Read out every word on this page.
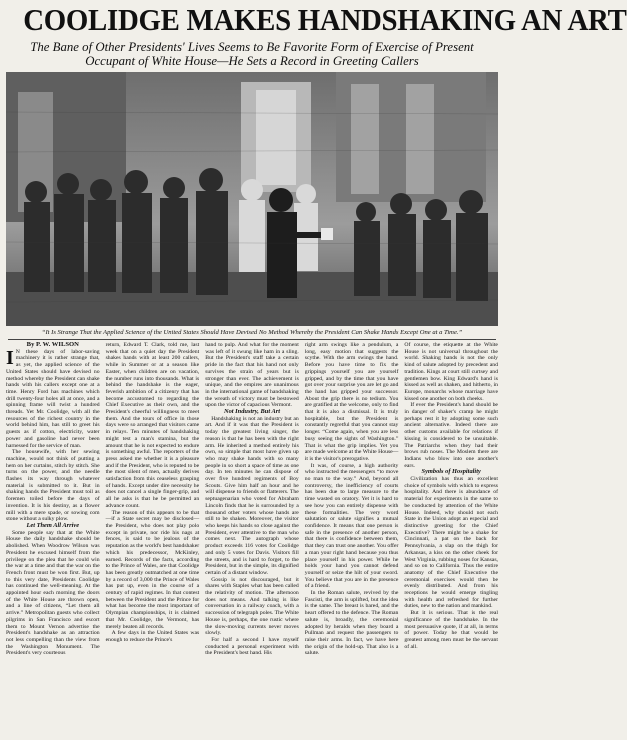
COOLIDGE MAKES HANDSHAKING AN ART
The Bane of Other Presidents' Lives Seems to Be Favorite Form of Exercise of Present Occupant of White House—He Sets a Record in Greeting Callers
“It Is Strange That the Applied Science of the United States Should Have Devised No Method Whereby the President Can Shake Hands Except One at a Time.”

By P. W. WILSON

I N these days of labor-saving machinery it is rather strange that, as yet, the applied science of the United States should have devised no method whereby the President can shake hands with his callers except one at a time. Henry Ford has machines which drill twenty-four holes all at once, and a spinning frame will twist a hundred threads. Yet Mr. Coolidge, with all the resources of the richest country in the world behind him, has still to greet his guests as if cotton, electricity, water power and gasoline had never been harnessed for the service of man.

The housewife, with her sewing machine, would not think of putting a hem on her curtains, stitch by stitch. She turns on the power, and the needle flashes its way through whatever material is submitted to it. But in shaking hands the President must toil as foremen toiled before the days of invention. It is his destiny, as a flower mill with a mere spade, or sowing com stone without a sulky plow.

Let Them All Arrive

Some people say that at the White House the daily handshake should be abolished. When Woodrow Wilson was President he excused himself from the privilege on the plea that he could win the war at a time and that the war on the French front must be won first. But, up to this very date, Presidents Coolidge has continued the well-meaning. At the appointed hour each morning the doors of the White House are thrown open, and a line of citizens, “Let them all arrive.” Metropolitan guests who collect pilgrims in San Francisco and escort them to Mount Vernon advertise the President's handshake as an attraction not less compelling than the view from the Washington Monument. The President's very courteous

return, Edward T. Clark, told me, last week that on a quiet day the President shakes hands with at least 200 callers, while in Summer or at a season like Easter, when children are on vacation, the number runs into thousands. What is behind the handshake is the eager, feverish ambition of a citizenry that has become accustomed to regarding the Chief Executive as their own, and the President's cheerful willingness to meet them. And the tours of office in those days were so arranged that visitors came in relays. Ten minutes of handshaking might test a man's stamina, but the amount that he is not expected to endure is something awful. The reporters of the press asked me whether it is a pleasure and if the President, who is reputed to be the most silent of men, actually derives satisfaction from this ceaseless grasping of hands. Except under dire necessity he does not cancel a single finger-grip, and all he asks is that he be permitted an advance count.

The reason of this appears to be that—if a State secret may be disclosed—the President, who does not play polo except in private, nor ride his nags at fences, is said to be jealous of the reputation as the world's best handshaker which his predecessor, McKinley, earned. Records of the facts, according to the Prince of Wales, are that Coolidge has been greatly outmatched at one time by a record of 3,000 the Prince of Wales has put up, even in the course of a century of rapid regimes. In that contest between the President and the Prince for what has become the most important of Olympian championships, it is claimed that Mr. Coolidge, the Vermont, has merely beaten all records.

A few days in the United States was enough to reduce the Prince's

hand to pulp. And what for the moment was left of it swung like ham in a sling. But the President's staff take a certain pride in the fact that his hand not only survives the strain of years but is stronger than ever. The achievement is unique, and the empires are unanimous in the international game of handshaking the wreath of victory must be bestowed upon the victor of capacious Vermont.

Not Industry, But Art

Handshaking is not an industry but an art. And if it was that the President is today the greatest living singer, the reason is that he has been with the right arm. He inherited a method entirely his own, so simple that most have given up who may shake hands with so many people in so short a space of time as one day. In ten minutes he can dispose of over five hundred regiments of Boy Scouts. Give him half an hour and he will dispense to friends or flatterers. The septuagenarian who voted for Abraham Lincoln finds that he is surrounded by a thousand other voters whose hands are still to be shaken. Moreover, the visitor who keeps his hands so close against the President, ever attentive to the man who comes next. The autograph whose product exceeds 116 votes for Coolidge and only 5 votes for Davis. Visitors fill the streets, and is hard to forget, to the President, but in the simple, its dignified certain of a distant window.

Gossip is not discouraged, but it shares with Staples what has been called the relativity of motion. The afternoon does not means. And talking is like conversation in a railway coach, with a succession of telegraph poles. The White House is, perhaps, the one rustic where the slow-moving currents never moves slowly.

For half a second I have myself conducted a personal experiment with the President's best hand. His

right arm swings like a pendulum, a long, easy motion that suggests the scythe. With the arm swings the hand. Before you have time to fix the grippings yourself you are yourself gripped, and by the time that you have got over your surprise you are let go and the hand has gripped your successor. About the grip there is no tedium. You are gratified at the welcome, only to find that it is also a dismissal. It is truly hospitable, but the President is constantly regretful that you cannot stay longer. “Come again, when you are less busy seeing the sights of Washington.” That is what the grip implies. Yet you are made welcome at the White House—it is the visitor's prerogative.

It was, of course, a high authority who instructed the messengers “to move no man to the way.” And, beyond all controversy, the inefficiency of courts has been due to large measure to the time wasted on oratory. Yet it is hard to see how you can entirely dispense with these formalities. The very word salutation or salute signifies a mutual confidence. It means that one person is safe in the presence of another person, that there is confidence between them, that they can trust one another. You offer a man your right hand because you thus place yourself in his power. While he holds your hand you cannot defend yourself or seize the hilt of your sword. You believe that you are in the presence of a friend.

In the Roman salute, revived by the Fascisti, the arm is uplifted, but the idea is the same. The breast is bared, and the heart offered to the defence. The Roman salute is, broadly, the ceremonial adopted by heralds when they board a Pullman and request the passengers to raise their arms. In fact, we have here the origin of the hold-up. That also is a salute.

Of course, the etiquette at the White House is not universal throughout the world. Shaking hands is not the only kind of salute adopted by precedent and tradition. Kings at court still curtsey and gentlemen bow. King Edward's hand is kissed as well as shaken, and hitherto, in Europe, monarchs whose marriage have kissed one another on both cheeks.

If ever the President's hand should be in danger of shaker's cramp he might perhaps rest it by adopting some such ancient alternative. Indeed there are other customs available for relations if kissing is considered to be unsuitable. The Patriarchs when they had their brows rub noses. The Moslem there are Indians who blow into one another's ears.

Symbols of Hospitality

Civilization has thus an excellent choice of symbols with which to express hospitality. And there is abundance of material for experiments in the same to be conducted by attention of the White House. Indeed, why should not each State in the Union adopt an especial and distinctive greeting for the Chief Executive? There might be a shake for Cincinnati, a pat on the back for Pennsylvania, a slap on the thigh for Arkansas, a kiss on the other cheek for West Virginia, rubbing noses for Kansas, and so on to California. Thus the entire anatomy of the Chief Executive the ceremonial exercises would then be evenly distributed. And from his receptions he would emerge tingling with health and refreshed for further duties, new to the nation and mankind.

But it is serious. That is the real significance of the handshake. In the most persuasive quote, if at all, in terms of power. Today he that would be greatest among men must be the servant of all.
